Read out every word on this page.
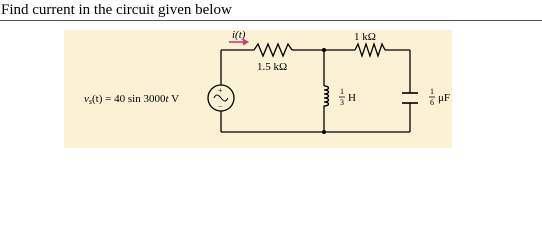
Find current in the circuit given below
i(t)
1.5 kΩ
1 kΩ
+
−
vs(t) = 40 sin 3000t V
1
3 H
1
6 μF
